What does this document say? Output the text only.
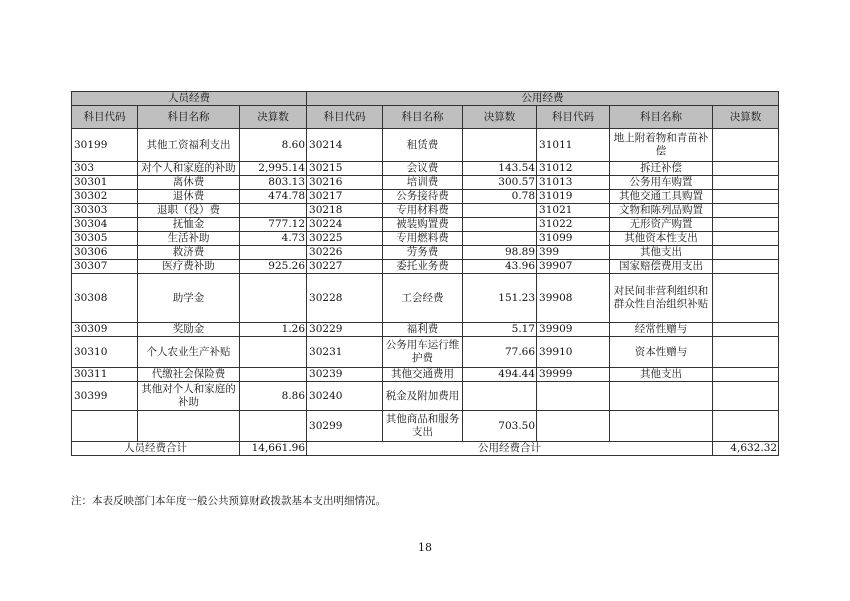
人员经费			公用经费					
科目代码	科目名称	决算数	科目代码	科目名称	决算数	科目代码	科目名称	决算数
30199	其他工资福利支出	8.60	30214	租赁费		31011	地上附着物和青苗补偿	
303	对个人和家庭的补助	2,995.14	30215	会议费	143.54	31012	拆迁补偿	
30301	离休费	803.13	30216	培训费	300.57	31013	公务用车购置	
30302	退休费	474.78	30217	公务接待费	0.78	31019	其他交通工具购置	
30303	退职（役）费		30218	专用材料费		31021	文物和陈列品购置	
30304	抚恤金	777.12	30224	被装购置费		31022	无形资产购置	
30305	生活补助	4.73	30225	专用燃料费		31099	其他资本性支出	
30306	救济费		30226	劳务费	98.89	399	其他支出	
30307	医疗费补助	925.26	30227	委托业务费	43.96	39907	国家赔偿费用支出	
30308	助学金		30228	工会经费	151.23	39908	对民间非营利组织和群众性自治组织补贴	
30309	奖励金	1.26	30229	福利费	5.17	39909	经常性赠与	
30310	个人农业生产补贴		30231	公务用车运行维护费	77.66	39910	资本性赠与	
30311	代缴社会保险费		30239	其他交通费用	494.44	39999	其他支出	
30399	其他对个人和家庭的补助	8.86	30240	税金及附加费用				
			30299	其他商品和服务支出	703.50			
人员经费合计		14,661.96	公用经费合计					4,632.32
注：本表反映部门本年度一般公共预算财政拨款基本支出明细情况。
18
